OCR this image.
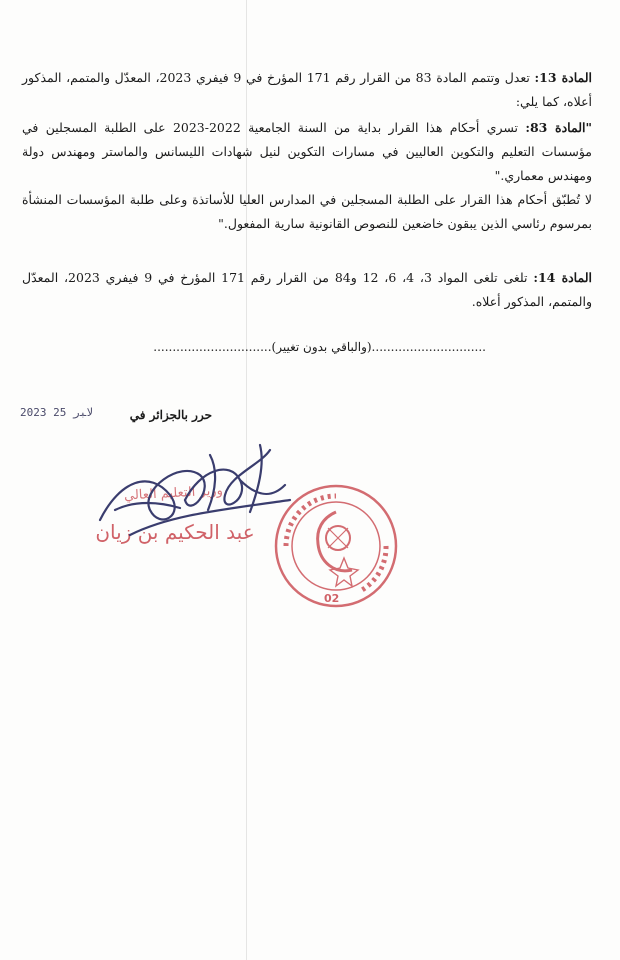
المادة 13: تعدل وتتمم المادة 83 من القرار رقم 171 المؤرخ في 9 فيفري 2023، المعدّل والمتمم، المذكور أعلاه، كما يلي:
"المادة 83: تسري أحكام هذا القرار بداية من السنة الجامعية 2022-2023 على الطلبة المسجلين في مؤسسات التعليم والتكوين العاليين في مسارات التكوين لنيل شهادات الليسانس والماستر ومهندس دولة ومهندس معماري."
لا تُطبّق أحكام هذا القرار على الطلبة المسجلين في المدارس العليا للأساتذة وعلى طلبة المؤسسات المنشأة بمرسوم رئاسي الذين يبقون خاضعين للنصوص القانونية سارية المفعول."
المادة 14: تلغى تلغى المواد 3، 4، 6، 12 و84 من القرار رقم 171 المؤرخ في 9 فيفري 2023، المعدّل والمتمم، المذكور أعلاه.
..............................(والباقي بدون تغيير)...............................
حرر بالجزائر في
2023 ﻻﺒﺭ 25
وزير التعليم العالي
عبد الحكيم بن زيان
02
